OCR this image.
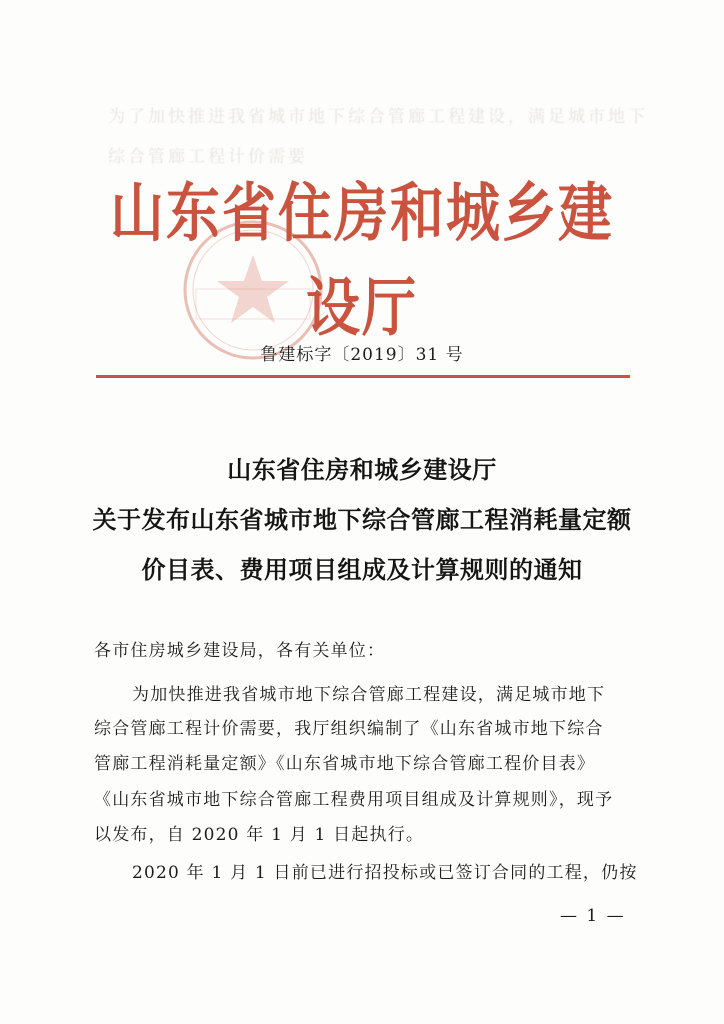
为了加快推进我省城市地下综合管廊工程建设，满足城市地下
综合管廊工程计价需要
山东省住房和城乡建设厅
鲁建标字〔2019〕31 号
山东省住房和城乡建设厅
关于发布山东省城市地下综合管廊工程消耗量定额
价目表、费用项目组成及计算规则的通知
各市住房城乡建设局，各有关单位：
为加快推进我省城市地下综合管廊工程建设，满足城市地下
综合管廊工程计价需要，我厅组织编制了《山东省城市地下综合
管廊工程消耗量定额》《山东省城市地下综合管廊工程价目表》
《山东省城市地下综合管廊工程费用项目组成及计算规则》，现予
以发布，自 2020 年 1 月 1 日起执行。
2020 年 1 月 1 日前已进行招投标或已签订合同的工程，仍按
— 1 —
